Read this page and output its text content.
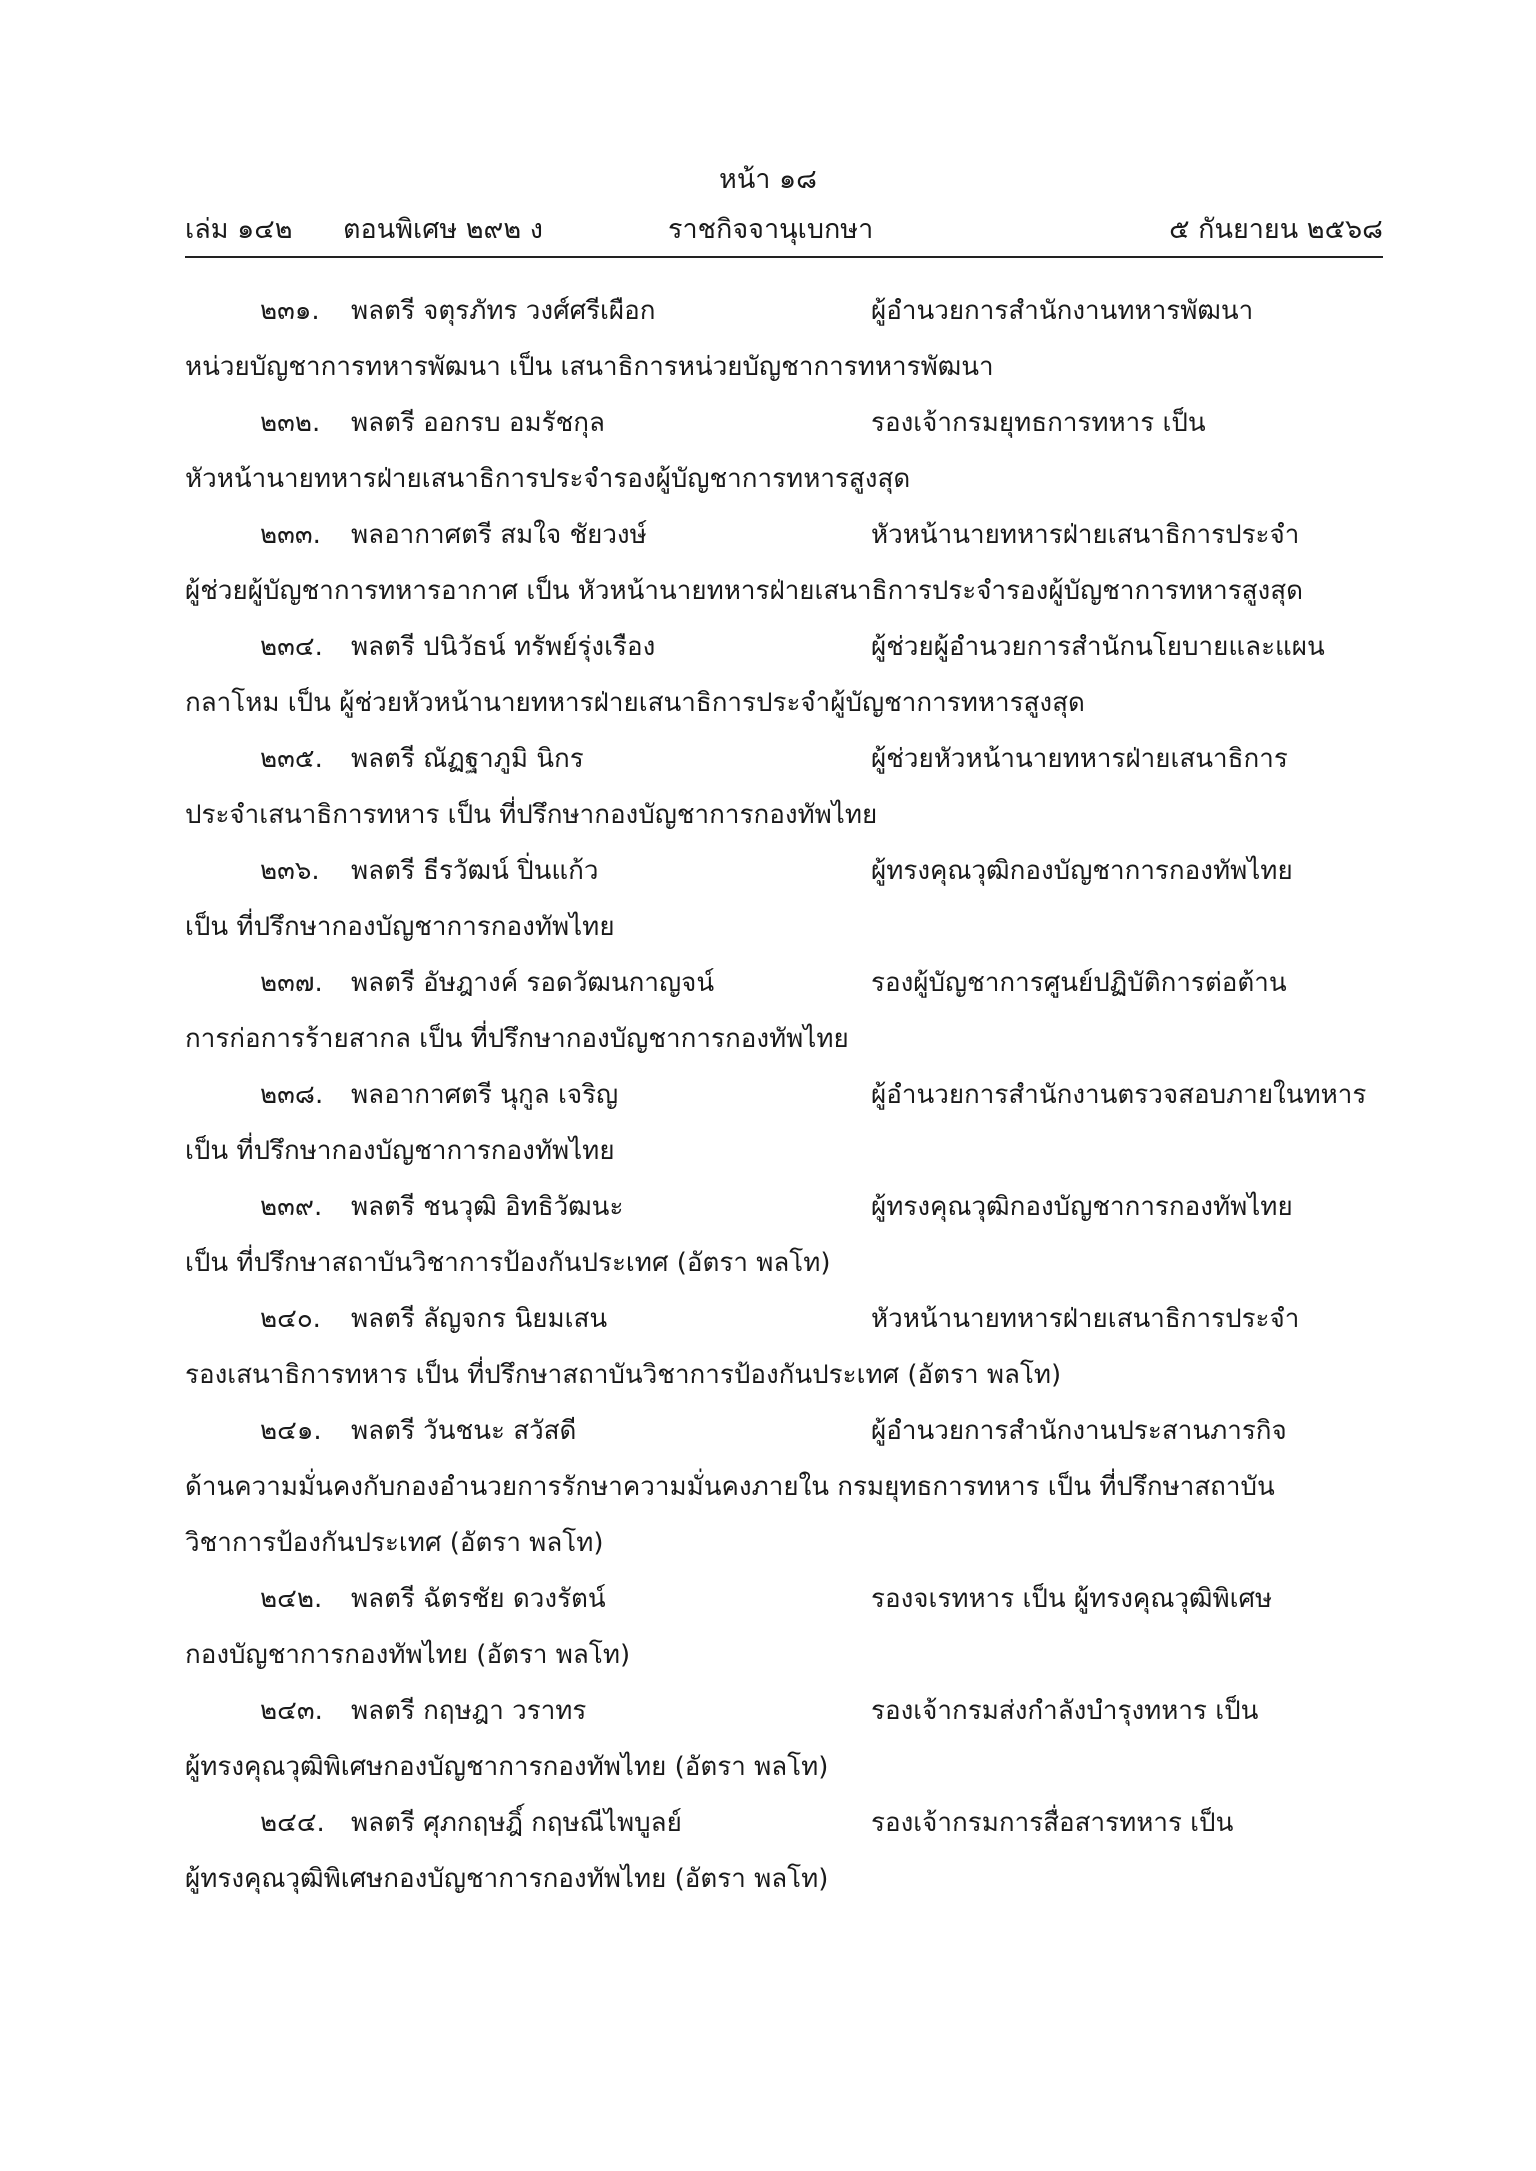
หน้า ๑๘
เล่ม ๑๔๒ ตอนพิเศษ ๒๙๒ ง	ราชกิจจานุเบกษา	๕ กันยายน ๒๕๖๘
๒๓๑. พลตรี จตุรภัทร วงศ์ศรีเผือก	ผู้อำนวยการสำนักงานทหารพัฒนา
หน่วยบัญชาการทหารพัฒนา เป็น เสนาธิการหน่วยบัญชาการทหารพัฒนา
๒๓๒. พลตรี ออกรบ อมรัชกุล	รองเจ้ากรมยุทธการทหาร เป็น
หัวหน้านายทหารฝ่ายเสนาธิการประจำรองผู้บัญชาการทหารสูงสุด
๒๓๓. พลอากาศตรี สมใจ ชัยวงษ์	หัวหน้านายทหารฝ่ายเสนาธิการประจำ
ผู้ช่วยผู้บัญชาการทหารอากาศ เป็น หัวหน้านายทหารฝ่ายเสนาธิการประจำรองผู้บัญชาการทหารสูงสุด
๒๓๔. พลตรี ปนิวัธน์ ทรัพย์รุ่งเรือง	ผู้ช่วยผู้อำนวยการสำนักนโยบายและแผน
กลาโหม เป็น ผู้ช่วยหัวหน้านายทหารฝ่ายเสนาธิการประจำผู้บัญชาการทหารสูงสุด
๒๓๕. พลตรี ณัฏฐาภูมิ นิกร	ผู้ช่วยหัวหน้านายทหารฝ่ายเสนาธิการ
ประจำเสนาธิการทหาร เป็น ที่ปรึกษากองบัญชาการกองทัพไทย
๒๓๖. พลตรี ธีรวัฒน์ ปิ่นแก้ว	ผู้ทรงคุณวุฒิกองบัญชาการกองทัพไทย
เป็น ที่ปรึกษากองบัญชาการกองทัพไทย
๒๓๗. พลตรี อัษฎางค์ รอดวัฒนกาญจน์	รองผู้บัญชาการศูนย์ปฏิบัติการต่อต้าน
การก่อการร้ายสากล เป็น ที่ปรึกษากองบัญชาการกองทัพไทย
๒๓๘. พลอากาศตรี นุกูล เจริญ	ผู้อำนวยการสำนักงานตรวจสอบภายในทหาร
เป็น ที่ปรึกษากองบัญชาการกองทัพไทย
๒๓๙. พลตรี ชนวุฒิ อิทธิวัฒนะ	ผู้ทรงคุณวุฒิกองบัญชาการกองทัพไทย
เป็น ที่ปรึกษาสถาบันวิชาการป้องกันประเทศ (อัตรา พลโท)
๒๔๐. พลตรี ลัญจกร นิยมเสน	หัวหน้านายทหารฝ่ายเสนาธิการประจำ
รองเสนาธิการทหาร เป็น ที่ปรึกษาสถาบันวิชาการป้องกันประเทศ (อัตรา พลโท)
๒๔๑. พลตรี วันชนะ สวัสดี	ผู้อำนวยการสำนักงานประสานภารกิจ
ด้านความมั่นคงกับกองอำนวยการรักษาความมั่นคงภายใน กรมยุทธการทหาร เป็น ที่ปรึกษาสถาบัน
วิชาการป้องกันประเทศ (อัตรา พลโท)
๒๔๒. พลตรี ฉัตรชัย ดวงรัตน์	รองจเรทหาร เป็น ผู้ทรงคุณวุฒิพิเศษ
กองบัญชาการกองทัพไทย (อัตรา พลโท)
๒๔๓. พลตรี กฤษฎา วราทร	รองเจ้ากรมส่งกำลังบำรุงทหาร เป็น
ผู้ทรงคุณวุฒิพิเศษกองบัญชาการกองทัพไทย (อัตรา พลโท)
๒๔๔. พลตรี ศุภกฤษฎิ์ กฤษณีไพบูลย์	รองเจ้ากรมการสื่อสารทหาร เป็น
ผู้ทรงคุณวุฒิพิเศษกองบัญชาการกองทัพไทย (อัตรา พลโท)
